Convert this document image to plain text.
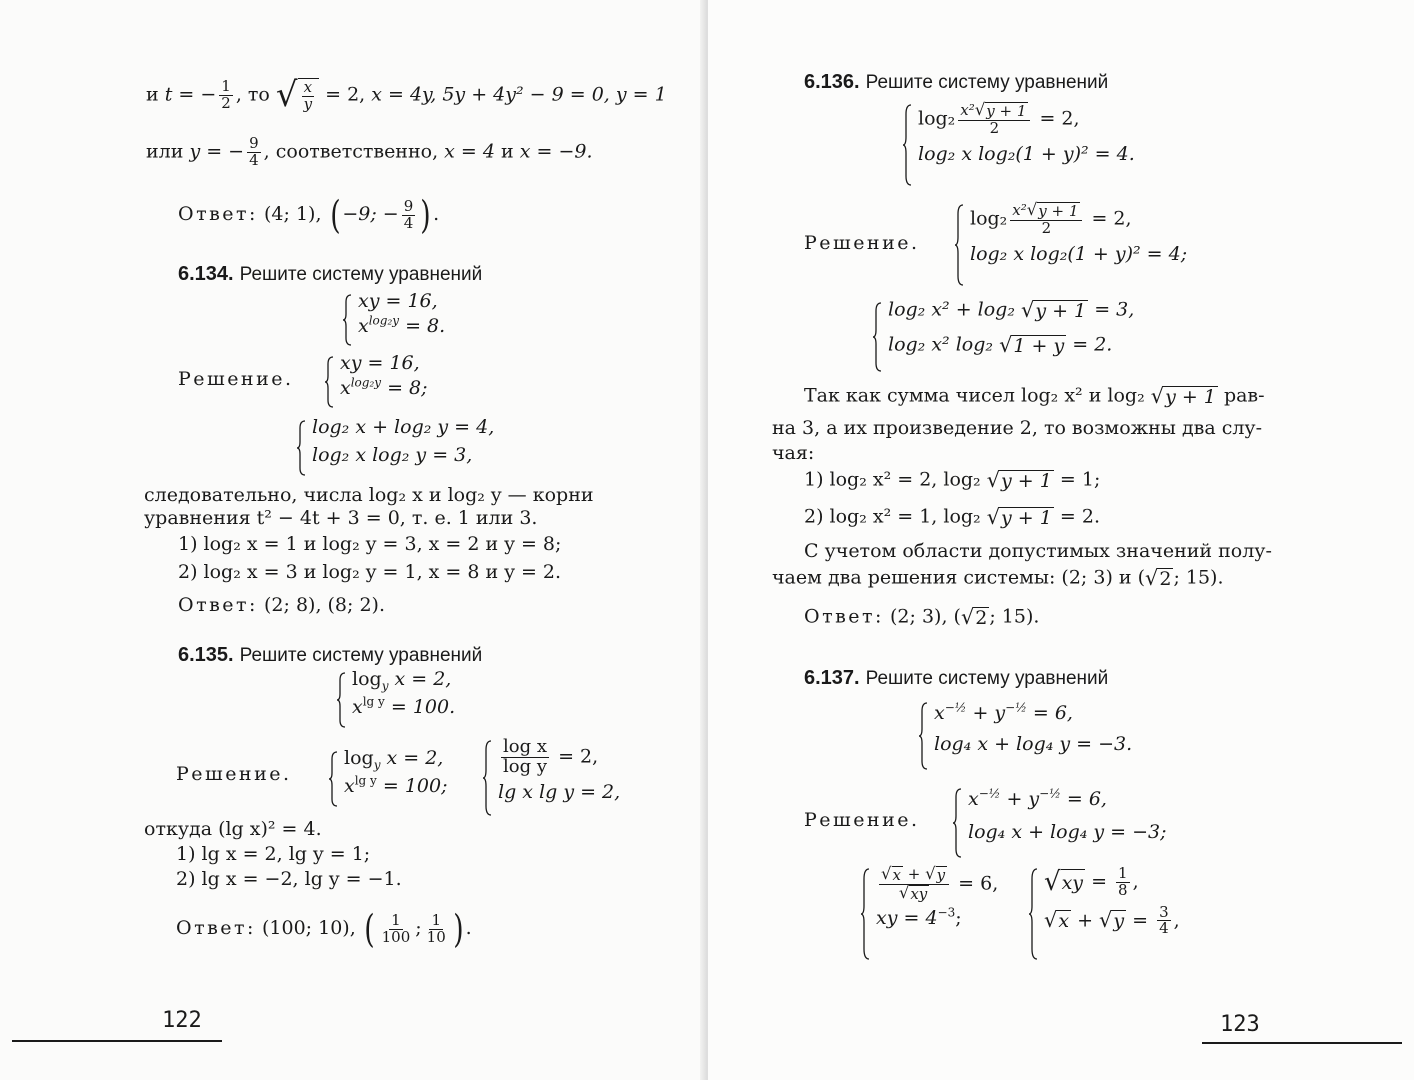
и t = − $\frac{1}{2}$ , то √ $\frac{x}{y} = 2$, x = 4y, 5y + 4y² − 9 = 0, y = 1
или y = − $\frac{9}{4}$ , соответственно, x = 4 и x = −9.
Ответ: (4; 1), ( −9; − $\frac{9}{4}$ ) .
6.134. Решите систему уравнений
xy = 16,
$x^{log_2y} = 8$.
Решение.
xy = 16,
$x^{log_2y} = 8$;
log₂ x + log₂ y = 4,
log₂ x log₂ y = 3,
следовательно, числа log₂ x и log₂ y — корни
уравнения t² − 4t + 3 = 0, т. е. 1 или 3.
1) log₂ x = 1 и log₂ y = 3, x = 2 и y = 8;
2) log₂ x = 3 и log₂ y = 1, x = 8 и y = 2.
Ответ: (2; 8), (8; 2).
6.135. Решите систему уравнений
$\log_y x = 2$,
$x^{lg y} = 100$.
Решение.
$\log_y x = 2$,
$x^{lg y} = 100$;
$\frac{\text{log x}}{\text{log y}} = 2$,
lg x lg y = 2,
откуда (lg x)² = 4.
1) lg x = 2, lg y = 1;
2) lg x = −2, lg y = −1.
Ответ: (100; 10), ( $\frac{1}{100}$ ; $\frac{1}{10}$ ) .
122
6.136. Решите систему уравнений
$\log_2 \frac{\text{x² √ y + 1}}{2} = 2$,
log₂ x log₂(1 + y)² = 4.
Решение.
$\log_2 \frac{\text{x² √ y + 1}}{2} = 2$,
log₂ x log₂(1 + y)² = 4;
log₂ x² + log₂ √ y + 1 = 3,
log₂ x² log₂ √ 1 + y = 2.
Так как сумма чисел log₂ x² и log₂ √ y + 1 рав-
на 3, а их произведение 2, то возможны два слу-
чая:
1) log₂ x² = 2, log₂ √ y + 1 = 1;
2) log₂ x² = 1, log₂ √ y + 1 = 2.
С учетом области допустимых значений полу-
чаем два решения системы: (2; 3) и ( √ 2 ; 15).
Ответ: (2; 3), ( √ 2 ; 15).
6.137. Решите систему уравнений
$x^{-\frac{1}{2}} + y^{-\frac{1}{2}} = 6$,
log₄ x + log₄ y = −3.
Решение.
$x^{-\frac{1}{2}} + y^{-\frac{1}{2}} = 6$,
log₄ x + log₄ y = −3;
$\frac{√ x + √ y}{√ xy} = 6$,
xy = $4^{-3}$;
√ xy = $\frac{1}{8}$ ,
√ x + √ $y = \frac{3}{4}$ ,
123
